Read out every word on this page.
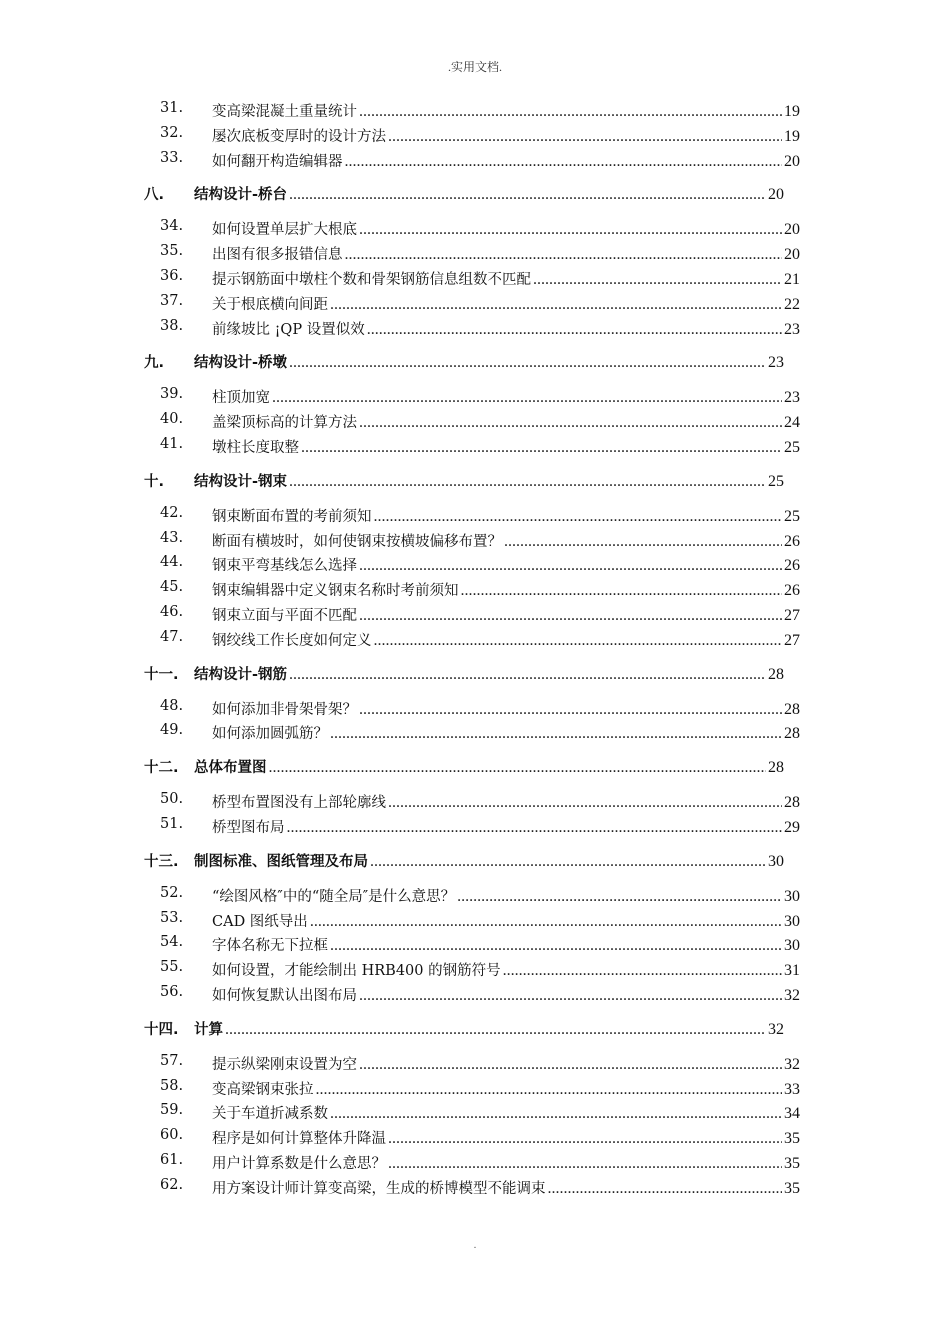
.实用文档.
31.	变高梁混凝土重量统计 .....	19
32.	屡次底板变厚时的设计方法 .....	19
33.	如何翻开构造编辑器 .....	20
八.	结构设计-桥台 .....	20
34.	如何设置单层扩大根底 .....	20
35.	出图有很多报错信息 .....	20
36.	提示钢筋面中墩柱个数和骨架钢筋信息组数不匹配 .....	21
37.	关于根底横向间距 .....	22
38.	前缘坡比 ¡QP 设置似效 .....	23
九.	结构设计-桥墩 .....	23
39.	柱顶加宽 .....	23
40.	盖梁顶标高的计算方法 .....	24
41.	墩柱长度取整 .....	25
十.	结构设计-钢束 .....	25
42.	钢束断面布置的考前须知 .....	25
43.	断面有横坡时，如何使钢束按横坡偏移布置？ .....	26
44.	钢束平弯基线怎么选择 .....	26
45.	钢束编辑器中定义钢束名称时考前须知 .....	26
46.	钢束立面与平面不匹配 .....	27
47.	钢绞线工作长度如何定义 .....	27
十一.	结构设计-钢筋 .....	28
48.	如何添加非骨架骨架？ .....	28
49.	如何添加圆弧筋？ .....	28
十二.	总体布置图 .....	28
50.	桥型布置图没有上部轮廓线 .....	28
51.	桥型图布局 .....	29
十三.	制图标准、图纸管理及布局 .....	30
52.	“绘图风格″中的“随全局″是什么意思？ .....	30
53.	CAD 图纸导出 .....	30
54.	字体名称无下拉框 .....	30
55.	如何设置，才能绘制出 HRB400 的钢筋符号 .....	31
56.	如何恢复默认出图布局 .....	32
十四.	计算 .....	32
57.	提示纵梁刚束设置为空 .....	32
58.	变高梁钢束张拉 .....	33
59.	关于车道折减系数 .....	34
60.	程序是如何计算整体升降温 .....	35
61.	用户计算系数是什么意思？ .....	35
62.	用方案设计师计算变高梁，生成的桥博模型不能调束 .....	35
.
